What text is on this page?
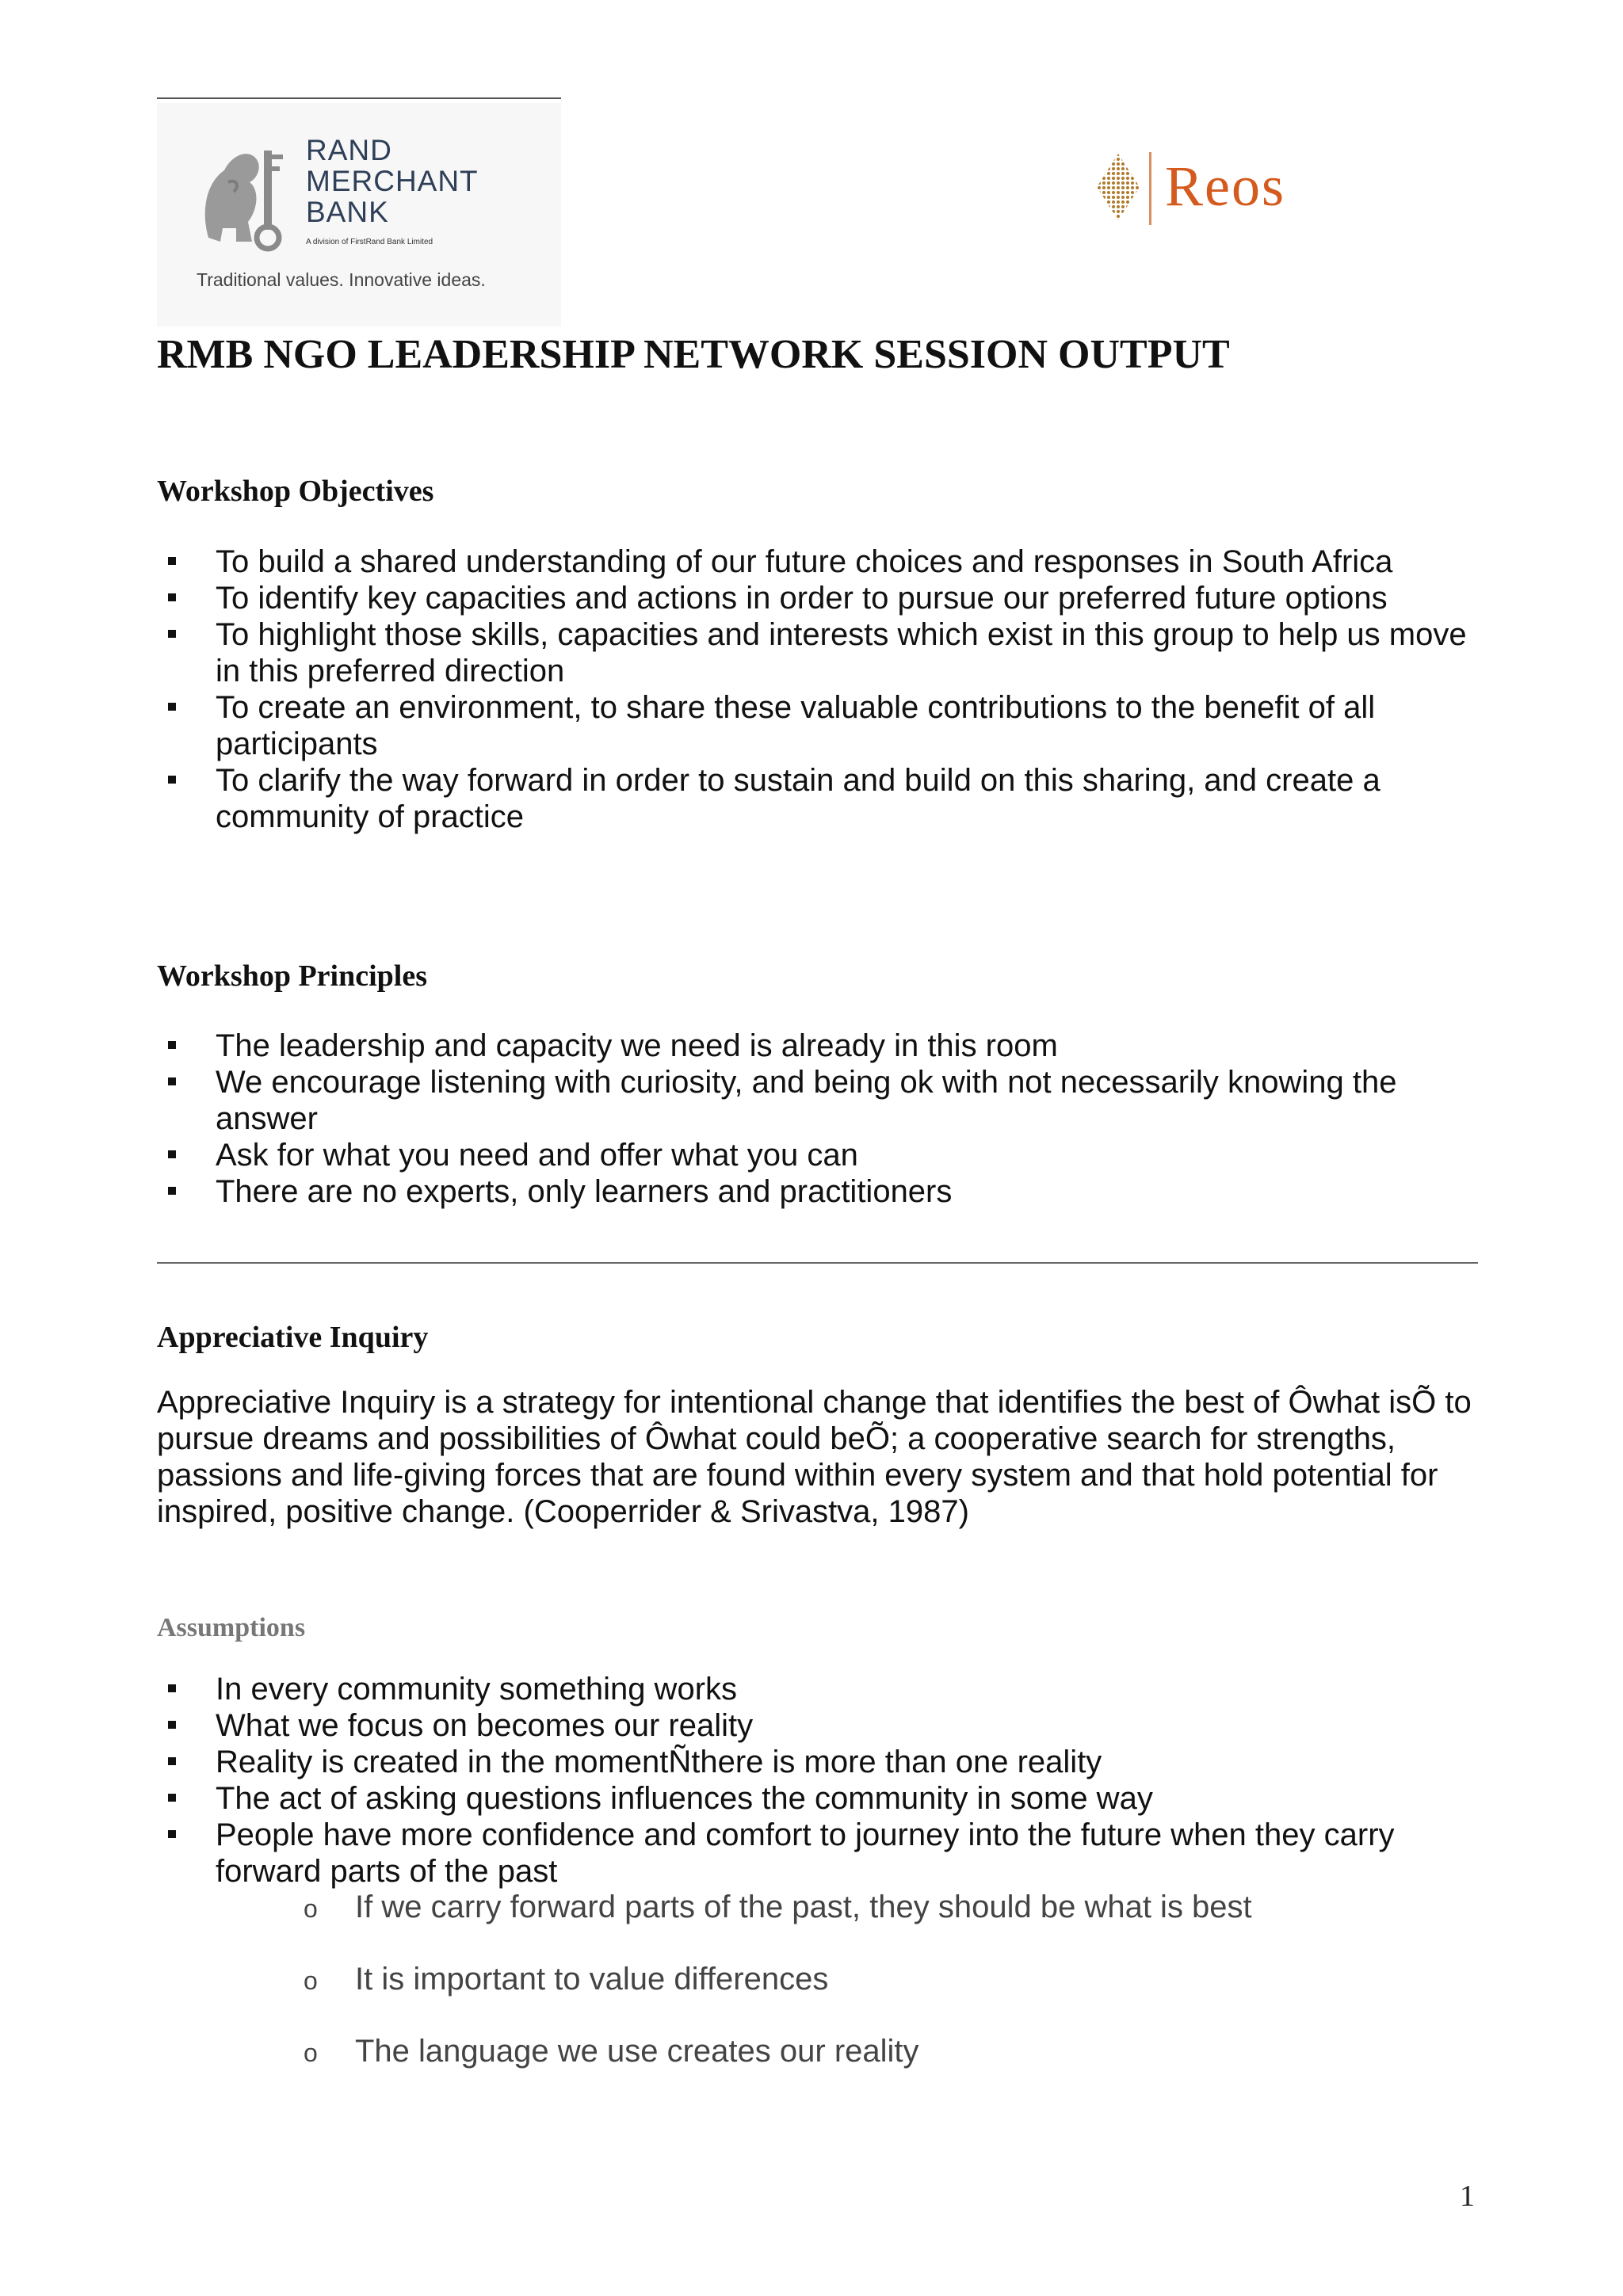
RAND
MERCHANT
BANK
A division of FirstRand Bank Limited
Traditional values. Innovative ideas.
Reos
RMB NGO LEADERSHIP NETWORK SESSION OUTPUT
Workshop Objectives
To build a shared understanding of our future choices and responses in South Africa
To identify key capacities and actions in order to pursue our preferred future options
To highlight those skills, capacities and interests which exist in this group to help us move in this preferred direction
To create an environment, to share these valuable contributions to the benefit of all participants
To clarify the way forward in order to sustain and build on this sharing, and create a community of practice
Workshop Principles
The leadership and capacity we need is already in this room
We encourage listening with curiosity, and being ok with not necessarily knowing the answer
Ask for what you need and offer what you can
There are no experts, only learners and practitioners
Appreciative Inquiry
Appreciative Inquiry is a strategy for intentional change that identifies the best of Ôwhat isÕ to pursue dreams and possibilities of Ôwhat could beÕ; a cooperative search for strengths, passions and life-giving forces that are found within every system and that hold potential for inspired, positive change. (Cooperrider & Srivastva, 1987)
Assumptions
In every community something works
What we focus on becomes our reality
Reality is created in the momentÑthere is more than one reality
The act of asking questions influences the community in some way
People have more confidence and comfort to journey into the future when they carry forward parts of the past
o If we carry forward parts of the past, they should be what is best
o It is important to value differences
o The language we use creates our reality
1
